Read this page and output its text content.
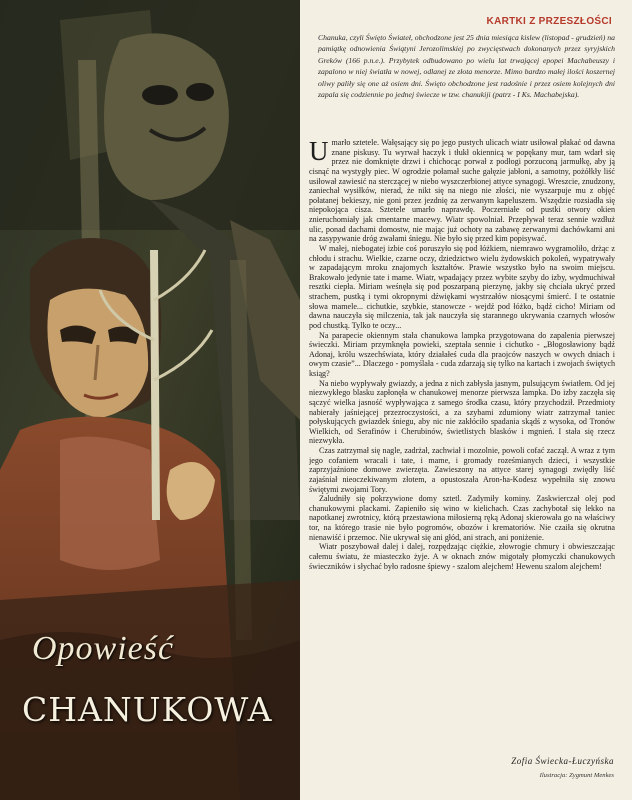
Opowieść
CHANUKOWA
KARTKI Z PRZESZŁOŚCI

Chanuka, czyli Święto Świateł, obchodzone jest 25 dnia miesiąca kislew (listopad - grudzień) na pamiątkę odnowienia Świątyni Jerozolimskiej po zwycięstwach dokonanych przez syryjskich Greków (166 p.n.e.). Przybytek odbudowano po wielu lat trwającej epopei Machabeuszy i zapalono w niej światła w nowej, odlanej ze złota menorze. Mimo bardzo małej ilości koszernej oliwy paliły się one aż osiem dni. Święto obchodzone jest radośnie i przez osiem kolejnych dni zapala się codziennie po jednej świecze w tzw. chanukiji (patrz - I Ks. Machabejska).

Umarło sztetele. Wałęsający się po jego pustych ulicach wiatr usiłował płakać od dawna znane piskusy. Tu wyrwał haczyk i tłukł okiennicą w popękany mur, tam wdarł się przez nie domknięte drzwi i chichocąc porwał z podłogi porzuconą jarmułkę, aby ją cisnąć na wystygły piec. W ogrodzie połamał suche gałęzie jabłoni, a samotny, pożółkły liść usiłował zawiesić na sterczącej w niebo wyszczerbionej attyce synagogi. Wreszcie, znudzony, zaniechał wysiłków, nierad, że nikt się na niego nie złości, nie wyszarpuje mu z objęć połatanej bekieszy, nie goni przez jezdnię za zerwanym kapeluszem. Wszędzie rozsiadła się niepokojąca cisza. Sztetele umarło naprawdę. Poczerniałe od pustki otwory okien znieruchomiały jak cmentarne macewy. Wiatr spowolniał. Przepływał teraz sennie wzdłuż ulic, ponad dachami domostw, nie mając już ochoty na zabawę zerwanymi dachówkami ani na zasypywanie dróg zwałami śniegu. Nie było się przed kim popisywać.

W małej, niebogatej izbie coś poruszyło się pod łóżkiem, niemrawo wygramoliło, drżąc z chłodu i strachu. Wielkie, czarne oczy, dziedzictwo wielu żydowskich pokoleń, wypatrywały w zapadającym mroku znajomych kształtów. Prawie wszystko było na swoim miejscu. Brakowało jedynie tate i mame. Wiatr, wpadający przez wybite szyby do izby, wydmuchiwał resztki ciepła. Miriam weśnęła się pod poszarpaną pierzynę, jakby się chciała ukryć przed strachem, pustką i tymi okropnymi dźwiękami wystrzałów niosącymi śmierć. I te ostatnie słowa mamele... cichutkie, szybkie, stanowcze - wejdź pod łóżko, bądź cicho! Miriam od dawna nauczyła się milczenia, tak jak nauczyła się starannego ukrywania czarnych włosów pod chustką. Tylko te oczy...

Na parapecie okiennym stała chanukowa lampka przygotowana do zapalenia pierwszej świeczki. Miriam przymknęła powieki, szeptała sennie i cichutko - „Błogosławiony bądź Adonaj, królu wszechświata, który działałeś cuda dla praojców naszych w owych dniach i owym czasie”... Dlaczego - pomyślała - cuda zdarzają się tylko na kartach i zwojach świętych ksiąg?

Na niebo wypływały gwiazdy, a jedna z nich zabłysła jasnym, pulsującym światłem. Od jej niezwykłego blasku zapłonęła w chanukowej menorze pierwsza lampka. Do izby zaczęła się sączyć wielka jasność wypływająca z samego środka czasu, który przychodził. Przedmioty nabierały jaśniejącej przezroczystości, a za szybami zdumiony wiatr zatrzymał taniec połyskujących gwiazdek śniegu, aby nic nie zakłóciło spadania skądś z wysoka, od Tronów Wielkich, od Serafinów i Cherubinów, świetlistych blasków i mgnień. I stała się rzecz niezwykła.

Czas zatrzymał się nagle, zadrżał, zachwiał i mozolnie, powoli cofać zaczął. A wraz z tym jego cofaniem wracali i tate, i mame, i gromady roześmianych dzieci, i wszystkie zaprzyjaźnione domowe zwierzęta. Zawieszony na attyce starej synagogi zwiędły liść zajaśniał nieoczekiwanym złotem, a opustoszała Aron-ha-Kodesz wypełniła się znowu świętymi zwojami Tory.

Zaludniły się pokrzywione domy sztetl. Zadymiły kominy. Zaskwierczał olej pod chanukowymi plackami. Zapieniło się wino w kielichach. Czas zachybotał się lekko na napotkanej zwrotnicy, którą przestawiona miłosierną ręką Adonaj skierowała go na właściwy tor, na którego trasie nie było pogromów, obozów i krematoriów. Nie czaiła się okrutna nienawiść i przemoc. Nie ukrywał się ani głód, ani strach, ani poniżenie.

Wiatr poszybował dalej i dalej, rozpędzając ciężkie, złowrogie chmury i obwieszczając całemu światu, że miasteczko żyje. A w oknach znów migotały płomyczki chanukowych świeczników i słychać było radosne śpiewy - szalom alejchem! Hewenu szalom alejchem!

Zofia Świecka-Łuczyńska
Ilustracja: Zygmunt Menkes
